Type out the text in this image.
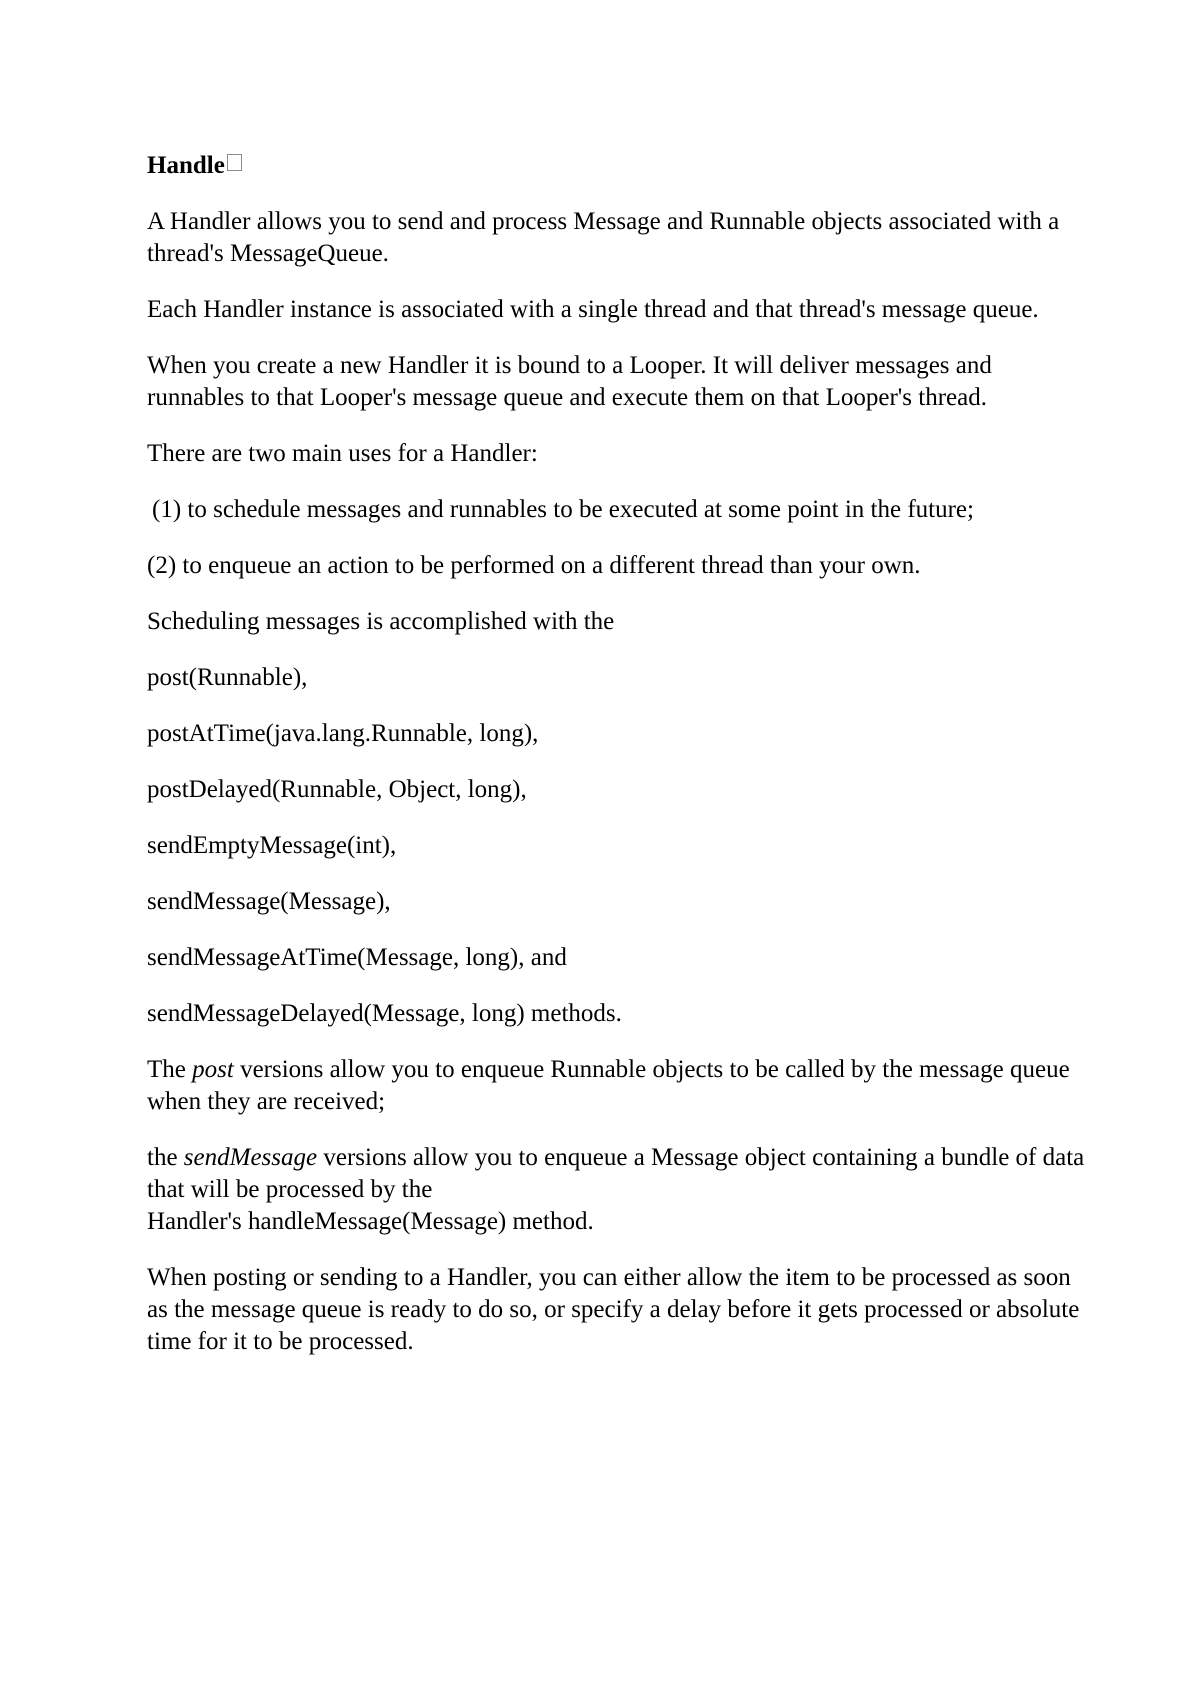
Handle

A Handler allows you to send and process Message and Runnable objects associated with a thread's MessageQueue.

Each Handler instance is associated with a single thread and that thread's message queue.

When you create a new Handler it is bound to a Looper. It will deliver messages and runnables to that Looper's message queue and execute them on that Looper's thread.

There are two main uses for a Handler:

(1) to schedule messages and runnables to be executed at some point in the future;

(2) to enqueue an action to be performed on a different thread than your own.

Scheduling messages is accomplished with the

post(Runnable),

postAtTime(java.lang.Runnable, long),

postDelayed(Runnable, Object, long),

sendEmptyMessage(int),

sendMessage(Message),

sendMessageAtTime(Message, long), and

sendMessageDelayed(Message, long) methods.

The post versions allow you to enqueue Runnable objects to be called by the message queue when they are received;

the sendMessage versions allow you to enqueue a Message object containing a bundle of data that will be processed by the
Handler's handleMessage(Message) method.

When posting or sending to a Handler, you can either allow the item to be processed as soon as the message queue is ready to do so, or specify a delay before it gets processed or absolute time for it to be processed.
